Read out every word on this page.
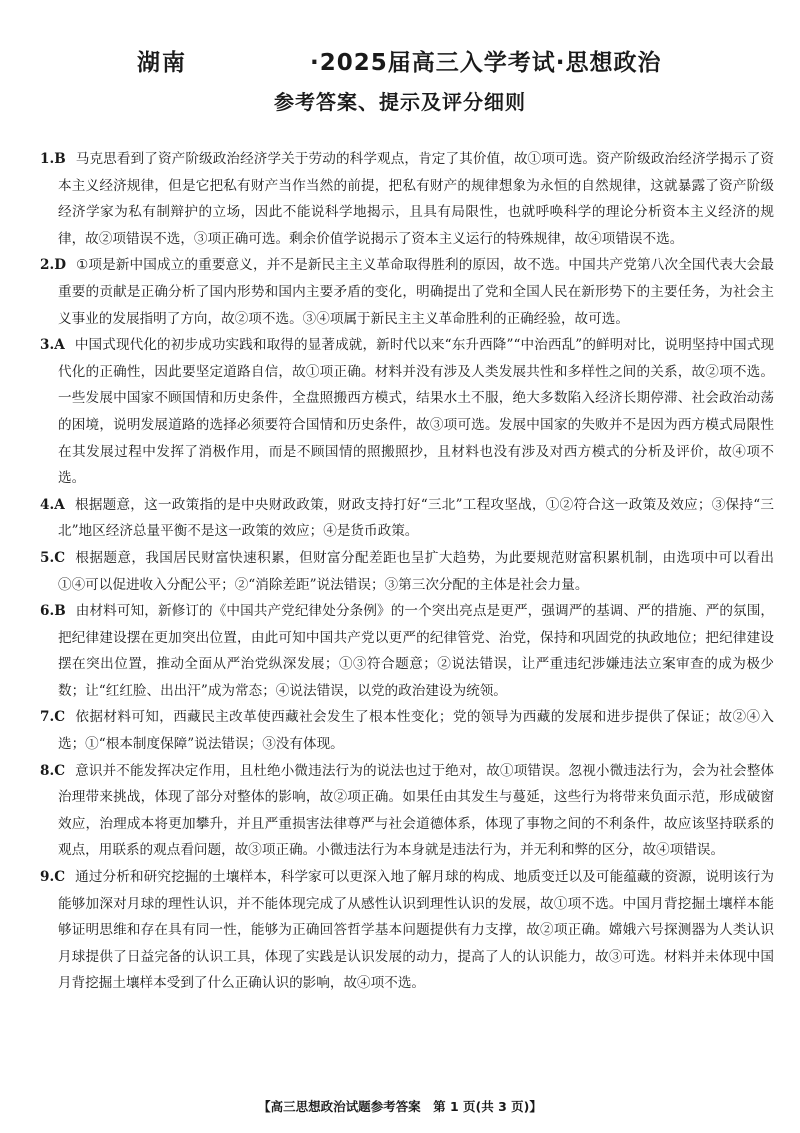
湖南	·2025届高三入学考试·思想政治
参考答案、提示及评分细则

1.B 马克思看到了资产阶级政治经济学关于劳动的科学观点，肯定了其价值，故①项可选。资产阶级政治经济学揭示了资本主义经济规律，但是它把私有财产当作当然的前提，把私有财产的规律想象为永恒的自然规律，这就暴露了资产阶级经济学家为私有制辩护的立场，因此不能说科学地揭示，且具有局限性，也就呼唤科学的理论分析资本主义经济的规律，故②项错误不选，③项正确可选。剩余价值学说揭示了资本主义运行的特殊规律，故④项错误不选。

2.D ①项是新中国成立的重要意义，并不是新民主主义革命取得胜利的原因，故不选。中国共产党第八次全国代表大会最重要的贡献是正确分析了国内形势和国内主要矛盾的变化，明确提出了党和全国人民在新形势下的主要任务，为社会主义事业的发展指明了方向，故②项不选。③④项属于新民主主义革命胜利的正确经验，故可选。

3.A 中国式现代化的初步成功实践和取得的显著成就，新时代以来“东升西降”“中治西乱”的鲜明对比，说明坚持中国式现代化的正确性，因此要坚定道路自信，故①项正确。材料并没有涉及人类发展共性和多样性之间的关系，故②项不选。一些发展中国家不顾国情和历史条件，全盘照搬西方模式，结果水土不服，绝大多数陷入经济长期停滞、社会政治动荡的困境，说明发展道路的选择必须要符合国情和历史条件，故③项可选。发展中国家的失败并不是因为西方模式局限性在其发展过程中发挥了消极作用，而是不顾国情的照搬照抄，且材料也没有涉及对西方模式的分析及评价，故④项不选。

4.A 根据题意，这一政策指的是中央财政政策，财政支持打好“三北”工程攻坚战，①②符合这一政策及效应；③保持“三北”地区经济总量平衡不是这一政策的效应；④是货币政策。

5.C 根据题意，我国居民财富快速积累，但财富分配差距也呈扩大趋势，为此要规范财富积累机制，由选项中可以看出①④可以促进收入分配公平；②“消除差距”说法错误；③第三次分配的主体是社会力量。

6.B 由材料可知，新修订的《中国共产党纪律处分条例》的一个突出亮点是更严，强调严的基调、严的措施、严的氛围，把纪律建设摆在更加突出位置，由此可知中国共产党以更严的纪律管党、治党，保持和巩固党的执政地位；把纪律建设摆在突出位置，推动全面从严治党纵深发展；①③符合题意；②说法错误，让严重违纪涉嫌违法立案审查的成为极少数；让“红红脸、出出汗”成为常态；④说法错误，以党的政治建设为统领。

7.C 依据材料可知，西藏民主改革使西藏社会发生了根本性变化；党的领导为西藏的发展和进步提供了保证；故②④入选；①“根本制度保障”说法错误；③没有体现。

8.C 意识并不能发挥决定作用，且杜绝小微违法行为的说法也过于绝对，故①项错误。忽视小微违法行为，会为社会整体治理带来挑战，体现了部分对整体的影响，故②项正确。如果任由其发生与蔓延，这些行为将带来负面示范，形成破窗效应，治理成本将更加攀升，并且严重损害法律尊严与社会道德体系，体现了事物之间的不利条件，故应该坚持联系的观点，用联系的观点看问题，故③项正确。小微违法行为本身就是违法行为，并无利和弊的区分，故④项错误。

9.C 通过分析和研究挖掘的土壤样本，科学家可以更深入地了解月球的构成、地质变迁以及可能蕴藏的资源，说明该行为能够加深对月球的理性认识，并不能体现完成了从感性认识到理性认识的发展，故①项不选。中国月背挖掘土壤样本能够证明思维和存在具有同一性，能够为正确回答哲学基本问题提供有力支撑，故②项正确。嫦娥六号探测器为人类认识月球提供了日益完备的认识工具，体现了实践是认识发展的动力，提高了人的认识能力，故③可选。材料并未体现中国月背挖掘土壤样本受到了什么正确认识的影响，故④项不选。

【高三思想政治试题参考答案　第 1 页(共 3 页)】
